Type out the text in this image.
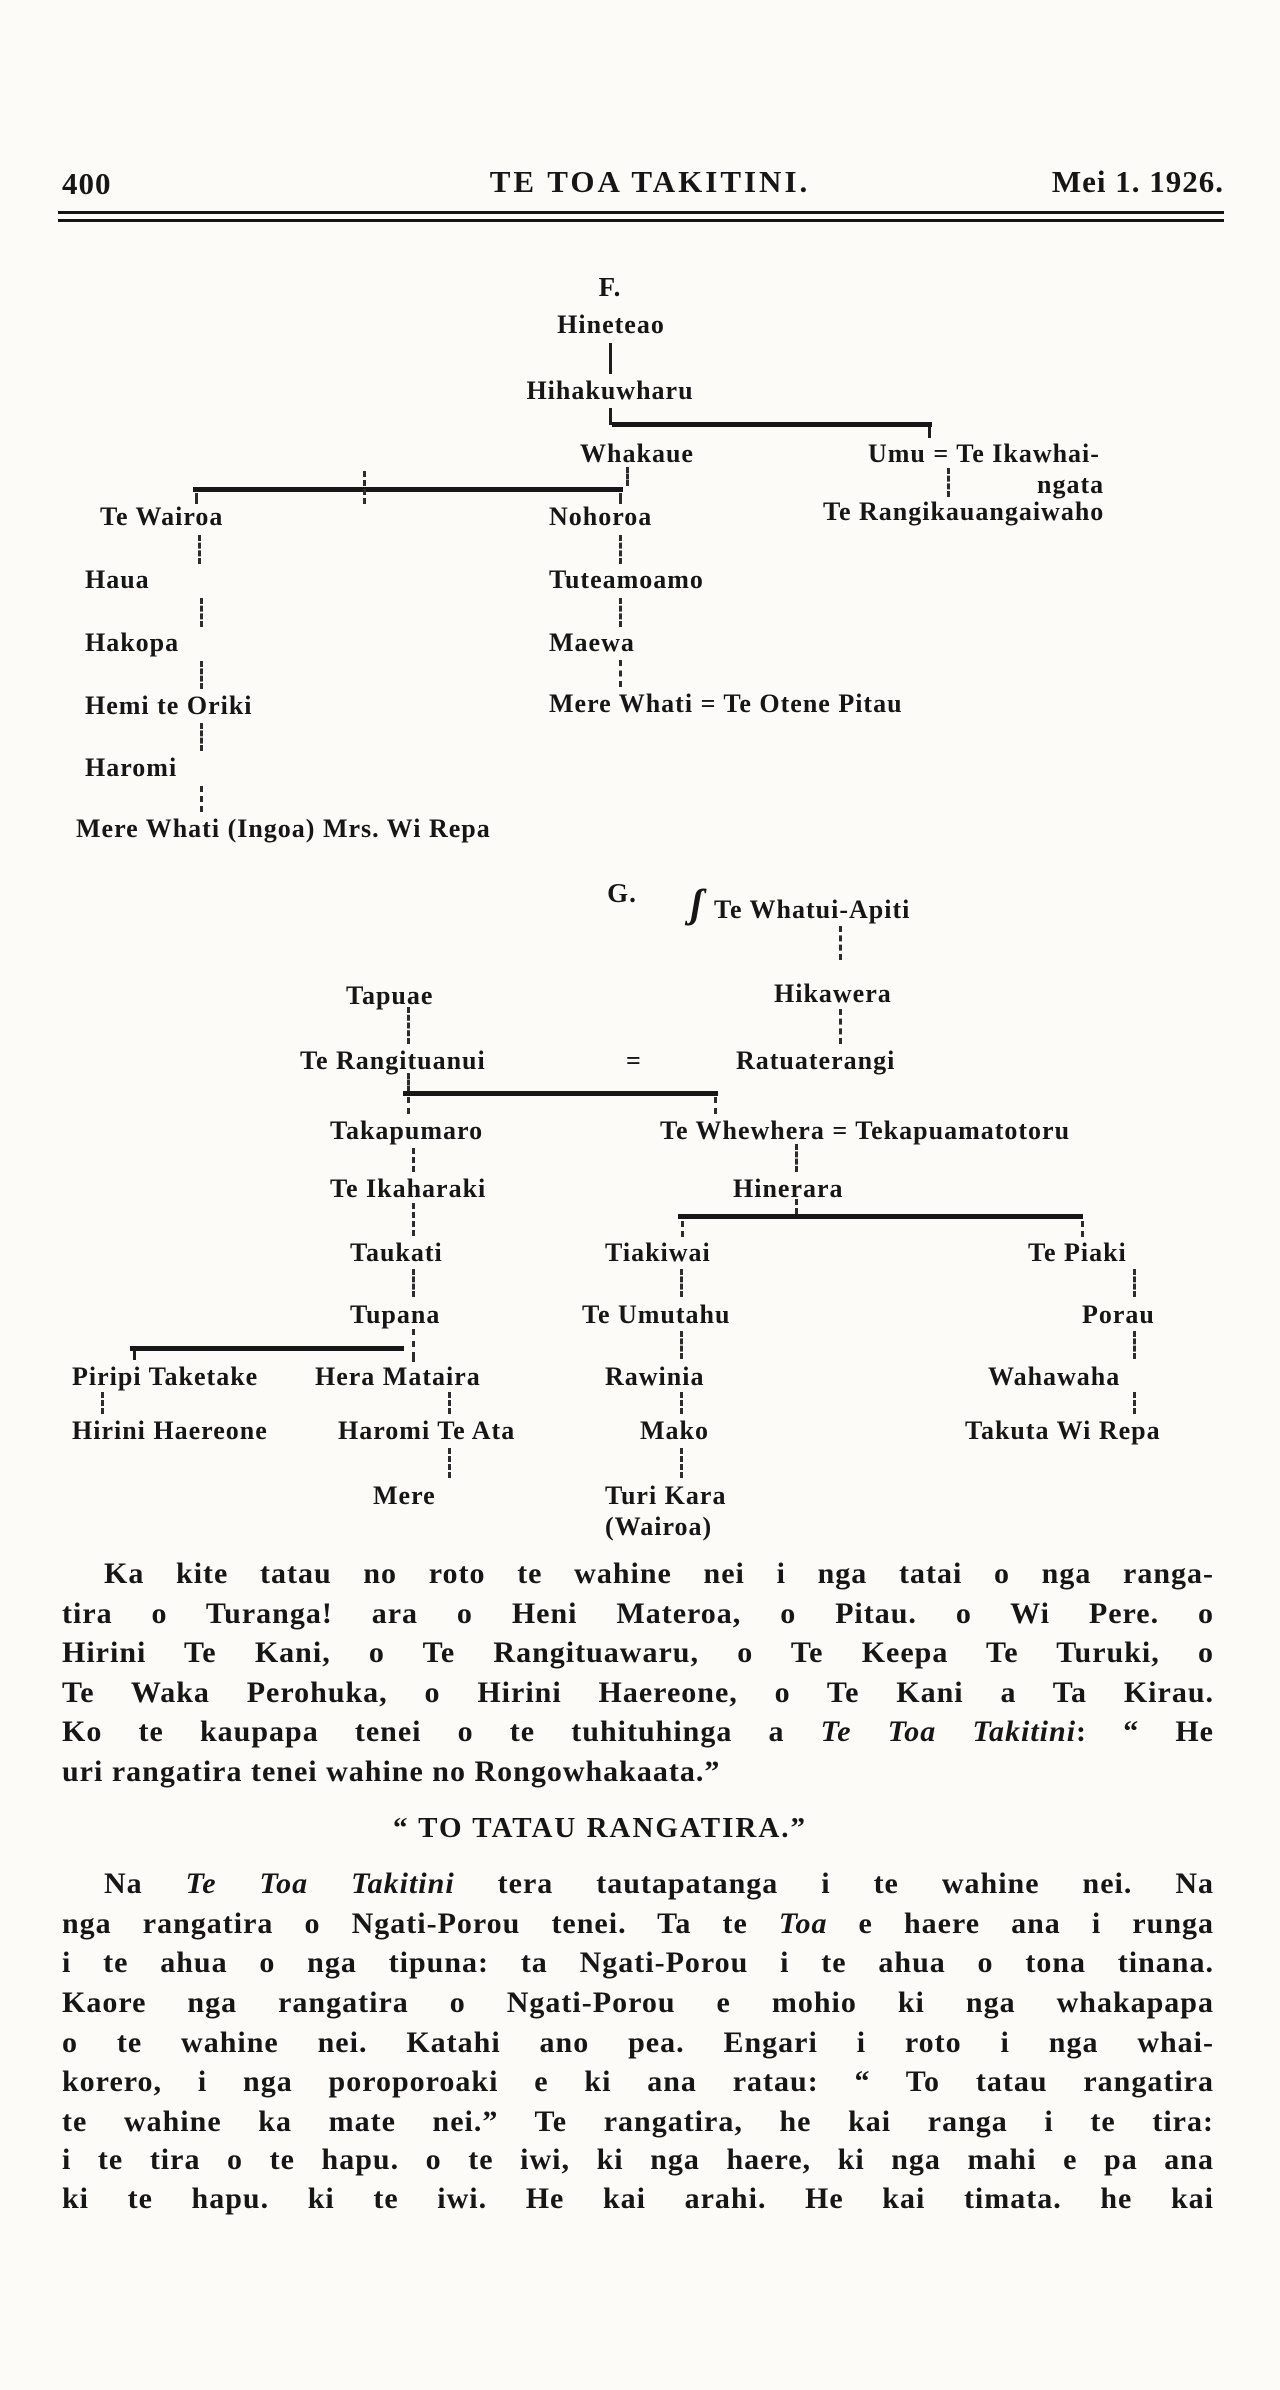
400	TE TOA TAKITINI.	Mei 1. 1926.
F.
Hineteao
Hihakuwharu
Whakaue	Umu = Te Ikawhai-
ngata
Te Rangikauangaiwaho
Te Wairoa	Nohoroa
Haua	Tuteamoamo
Hakopa	Maewa
Hemi te Oriki	Mere Whati = Te Otene Pitau
Haromi
Mere Whati (Ingoa) Mrs. Wi Repa
G. ʃ Te Whatui-Apiti
Tapuae	Hikawera
Te Rangituanui	=	Ratuaterangi
Takapumaro	Te Whewhera = Tekapuamatotoru
Te Ikaharaki	Hinerara
Taukati	Tiakiwai	Te Piaki
Tupana	Te Umutahu	Porau
Piripi Taketake Hera Mataira	Rawinia	Wahawaha
Hirini Haereone	Haromi Te Ata	Mako	Takuta Wi Repa
Mere	Turi Kara
(Wairoa)
Ka kite tatau no roto te wahine nei i nga tatai o nga ranga-
tira o Turanga! ara o Heni Materoa, o Pitau. o Wi Pere. o
Hirini Te Kani, o Te Rangituawaru, o Te Keepa Te Turuki, o
Te Waka Perohuka, o Hirini Haereone, o Te Kani a Ta Kirau.
Ko te kaupapa tenei o te tuhituhinga a Te Toa Takitini: “ He
uri rangatira tenei wahine no Rongowhakaata.”
“ TO TATAU RANGATIRA.”
Na Te Toa Takitini tera tautapatanga i te wahine nei. Na
nga rangatira o Ngati-Porou tenei. Ta te Toa e haere ana i runga
i te ahua o nga tipuna: ta Ngati-Porou i te ahua o tona tinana.
Kaore nga rangatira o Ngati-Porou e mohio ki nga whakapapa
o te wahine nei. Katahi ano pea. Engari i roto i nga whai-
korero, i nga poroporoaki e ki ana ratau: “ To tatau rangatira
te wahine ka mate nei.” Te rangatira, he kai ranga i te tira:
i te tira o te hapu. o te iwi, ki nga haere, ki nga mahi e pa ana
ki te hapu. ki te iwi. He kai arahi. He kai timata. he kai
